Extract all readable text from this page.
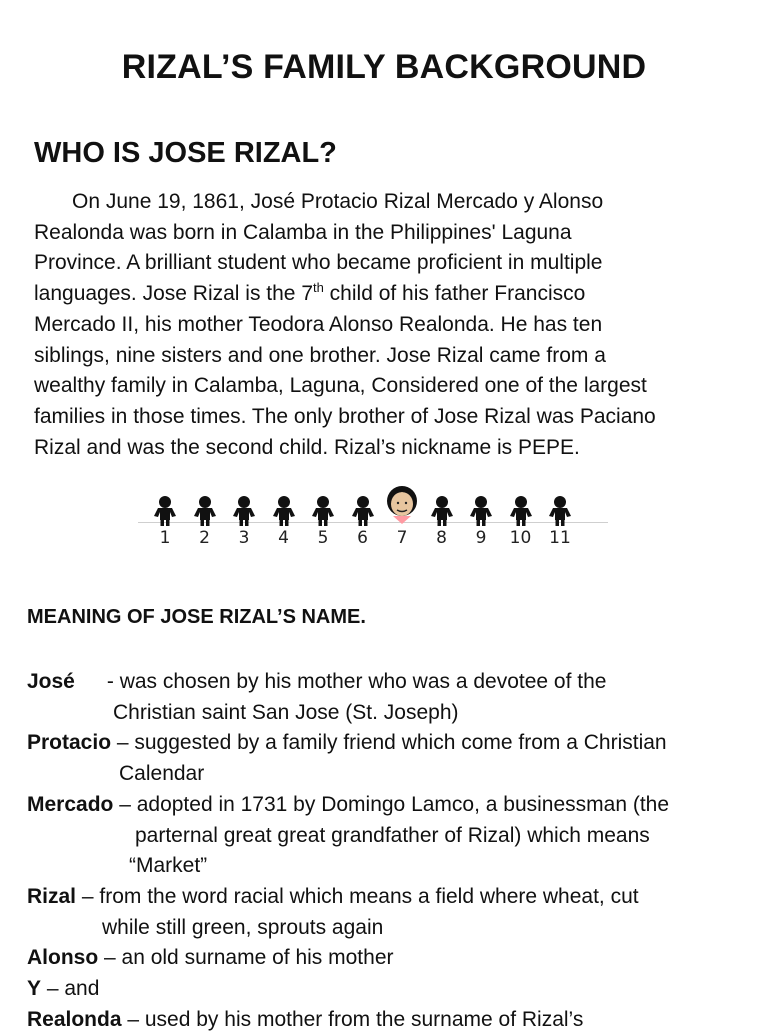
RIZAL’S FAMILY BACKGROUND
WHO IS JOSE RIZAL?

On June 19, 1861, José Protacio Rizal Mercado y Alonso
Realonda was born in Calamba in the Philippines' Laguna
Province. A brilliant student who became proficient in multiple
languages. Jose Rizal is the 7th child of his father Francisco
Mercado II, his mother Teodora Alonso Realonda. He has ten
siblings, nine sisters and one brother. Jose Rizal came from a
wealthy family in Calamba, Laguna, Considered one of the largest
families in those times. The only brother of Jose Rizal was Paciano
Rizal and was the second child. Rizal’s nickname is PEPE.

1	2	3	4	5	6	7	8	9	10	11
MEANING OF JOSE RIZAL’S NAME.
José - was chosen by his mother who was a devotee of the
Christian saint San Jose (St. Joseph)
Protacio – suggested by a family friend which come from a Christian
Calendar
Mercado – adopted in 1731 by Domingo Lamco, a businessman (the
parternal great great grandfather of Rizal) which means
“Market”
Rizal – from the word racial which means a field where wheat, cut
while still green, sprouts again
Alonso – an old surname of his mother
Y – and
Realonda – used by his mother from the surname of Rizal’s
